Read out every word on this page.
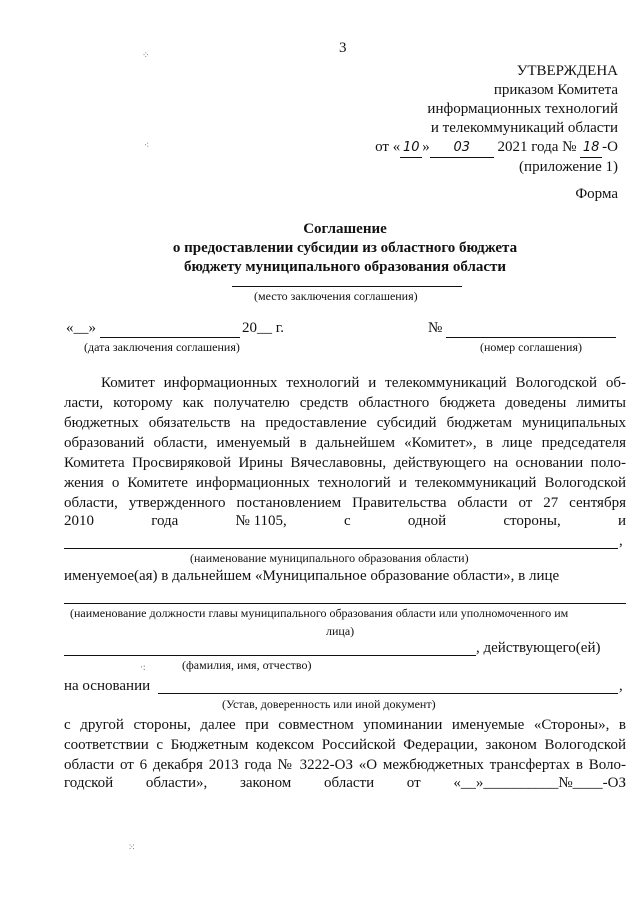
3
УТВЕРЖДЕНА
приказом Комитета
информационных технологий
и телекоммуникаций области
от « 10 » 03 2021 года № 18 -О
(приложение 1)
Форма
Соглашение
о предоставлении субсидии из областного бюджета
бюджету муниципального образования области
(место заключения соглашения)
«__»	20__ г.	№
(дата заключения соглашения)	(номер соглашения)
Комитет информационных технологий и телекоммуникаций Вологодской об-
ласти, которому как получателю средств областного бюджета доведены лимиты
бюджетных обязательств на предоставление субсидий бюджетам муниципальных
образований области, именуемый в дальнейшем «Комитет», в лице председателя
Комитета Просвиряковой Ирины Вячеславовны, действующего на основании поло-
жения о Комитете информационных технологий и телекоммуникаций Вологодской
области, утвержденного постановлением Правительства области от 27 сентября
2010	года	№ 1105,	с	одной	стороны,	и
,
(наименование муниципального образования области)
именуемое(ая) в дальнейшем «Муниципальное образование области», в лице
(наименование должности главы муниципального образования области или уполномоченного им
лица)
, действующего(ей)
(фамилия, имя, отчество)
на основании	,
(Устав, доверенность или иной документ)
с другой стороны, далее при совместном упоминании именуемые «Стороны», в
соответствии с Бюджетным кодексом Российской Федерации, законом Вологодской
области от 6 декабря 2013 года № 3222-ОЗ «О межбюджетных трансфертах в Воло-
годской области», законом области от «__»__________№____-ОЗ
⁘
⁖
·:
⁙
